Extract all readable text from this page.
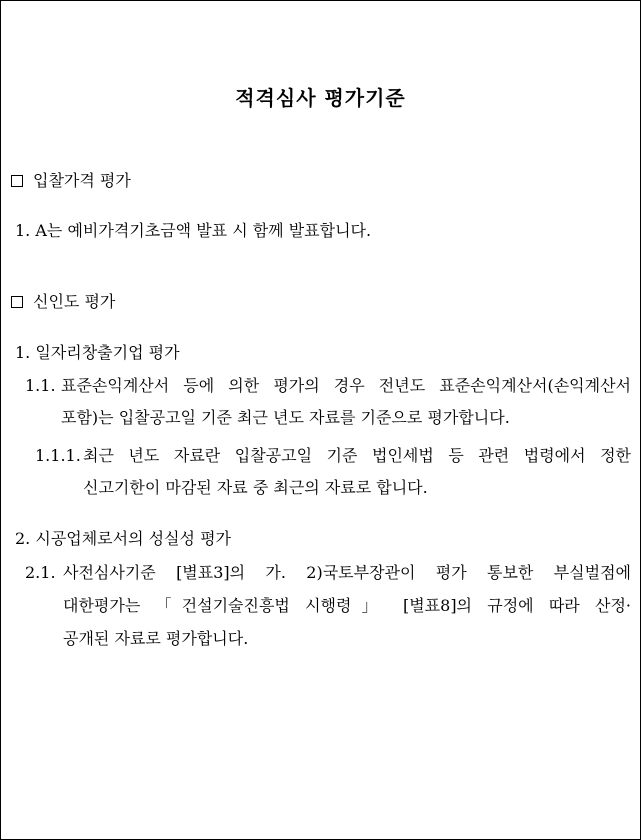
적격심사 평가기준
입찰가격 평가
1. A는 예비가격기초금액 발표 시 함께 발표합니다.
신인도 평가
1. 일자리창출기업 평가
1.1. 표준손익계산서 등에 의한 평가의 경우 전년도 표준손익계산서(손익계산서
포함)는 입찰공고일 기준 최근 년도 자료를 기준으로 평가합니다.
1.1.1. 최근 년도 자료란 입찰공고일 기준 법인세법 등 관련 법령에서 정한
신고기한이 마감된 자료 중 최근의 자료로 합니다.
2. 시공업체로서의 성실성 평가
2.1. 사전심사기준 [별표3]의 가. 2)국토부장관이 평가 통보한 부실벌점에
대한평가는 「건설기술진흥법 시행령」 [별표8]의 규정에 따라 산정·
공개된 자료로 평가합니다.
